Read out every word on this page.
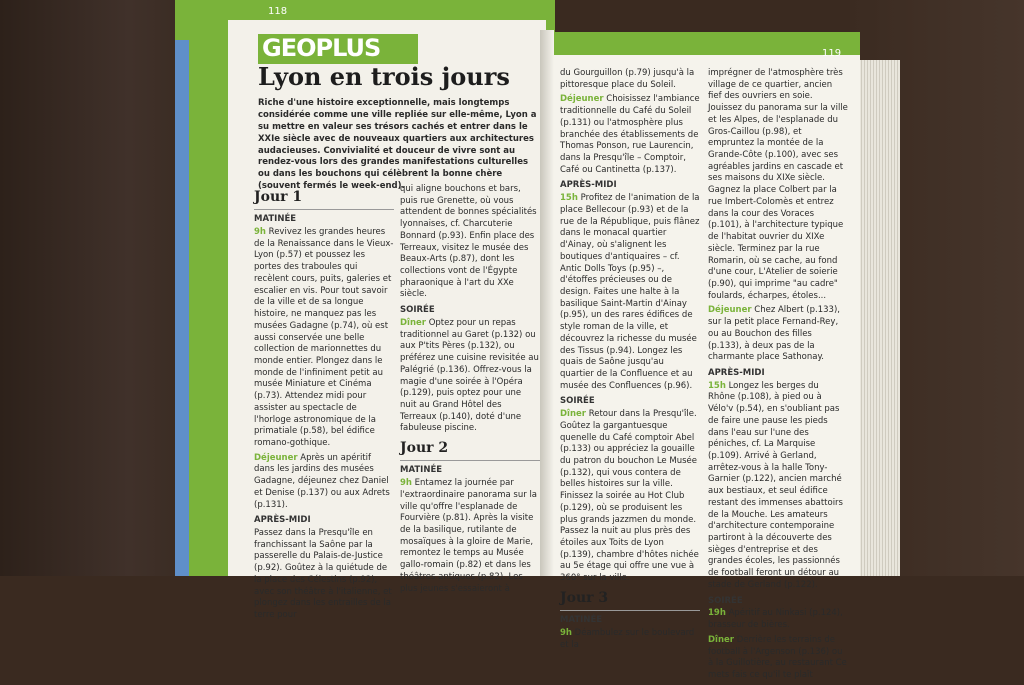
118
119
GEOPLUS
Lyon en trois jours

Riche d'une histoire exceptionnelle, mais longtemps considérée comme une ville repliée sur elle-même, Lyon a su mettre en valeur ses trésors cachés et entrer dans le XXIe siècle avec de nouveaux quartiers aux architectures audacieuses. Convivialité et douceur de vivre sont au rendez-vous lors des grandes manifestations culturelles ou dans les bouchons qui célèbrent la bonne chère (souvent fermés le week-end).

Jour 1
MATINÉE

9h Revivez les grandes heures de la Renaissance dans le Vieux-Lyon (p.57) et poussez les portes des traboules qui recèlent cours, puits, galeries et escalier en vis. Pour tout savoir de la ville et de sa longue histoire, ne manquez pas les musées Gadagne (p.74), où est aussi conservée une belle collection de marionnettes du monde entier. Plongez dans le monde de l'infiniment petit au musée Miniature et Cinéma (p.73). Attendez midi pour assister au spectacle de l'horloge astronomique de la primatiale (p.58), bel édifice romano-gothique.

Déjeuner Après un apéritif dans les jardins des musées Gadagne, déjeunez chez Daniel et Denise (p.137) ou aux Adrets (p.131).

APRÈS-MIDI

Passez dans la Presqu'île en franchissant la Saône par la passerelle du Palais-de-Justice (p.92). Goûtez à la quiétude de la place des Célestins (p.92), avec son théâtre à l'italienne, et plongez dans les entrailles de la terre pour

qui aligne bouchons et bars, puis rue Grenette, où vous attendent de bonnes spécialités lyonnaises, cf. Charcuterie Bonnard (p.93). Enfin place des Terreaux, visitez le musée des Beaux-Arts (p.87), dont les collections vont de l'Égypte pharaonique à l'art du XXe siècle.

SOIRÉE

Dîner Optez pour un repas traditionnel au Garet (p.132) ou aux P'tits Pères (p.132), ou préférez une cuisine revisitée au Palégrié (p.136). Offrez-vous la magie d'une soirée à l'Opéra (p.129), puis optez pour une nuit au Grand Hôtel des Terreaux (p.140), doté d'une fabuleuse piscine.

Jour 2
MATINÉE

9h Entamez la journée par l'extraordinaire panorama sur la ville qu'offre l'esplanade de Fourvière (p.81). Après la visite de la basilique, rutilante de mosaïques à la gloire de Marie, remontez le temps au Musée gallo-romain (p.82) et dans les théâtres antiques (p.82). Les plus jeunes s'essaieront à

du Gourguillon (p.79) jusqu'à la pittoresque place du Soleil.

Déjeuner Choisissez l'ambiance traditionnelle du Café du Soleil (p.131) ou l'atmosphère plus branchée des établissements de Thomas Ponson, rue Laurencin, dans la Presqu'île – Comptoir, Café ou Cantinetta (p.137).

APRÈS-MIDI

15h Profitez de l'animation de la place Bellecour (p.93) et de la rue de la République, puis flânez dans le monacal quartier d'Ainay, où s'alignent les boutiques d'antiquaires – cf. Antic Dolls Toys (p.95) –, d'étoffes précieuses ou de design. Faites une halte à la basilique Saint-Martin d'Ainay (p.95), un des rares édifices de style roman de la ville, et découvrez la richesse du musée des Tissus (p.94). Longez les quais de Saône jusqu'au quartier de la Confluence et au musée des Confluences (p.96).

SOIRÉE

Dîner Retour dans la Presqu'île. Goûtez la gargantuesque quenelle du Café comptoir Abel (p.133) ou appréciez la gouaille du patron du bouchon Le Musée (p.132), qui vous contera de belles histoires sur la ville. Finissez la soirée au Hot Club (p.129), où se produisent les plus grands jazzmen du monde. Passez la nuit au plus près des étoiles aux Toits de Lyon (p.139), chambre d'hôtes nichée au 5e étage qui offre une vue à 360° sur la ville.

Jour 3
MATINÉE

9h Déambulez sur le boulevard et la

imprégner de l'atmosphère très village de ce quartier, ancien fief des ouvriers en soie. Jouissez du panorama sur la ville et les Alpes, de l'esplanade du Gros-Caillou (p.98), et empruntez la montée de la Grande-Côte (p.100), avec ses agréables jardins en cascade et ses maisons du XIXe siècle. Gagnez la place Colbert par la rue Imbert-Colomès et entrez dans la cour des Voraces (p.101), à l'architecture typique de l'habitat ouvrier du XIXe siècle. Terminez par la rue Romarin, où se cache, au fond d'une cour, L'Atelier de soierie (p.90), qui imprime "au cadre" foulards, écharpes, étoles...

Déjeuner Chez Albert (p.133), sur la petit place Fernand-Rey, ou au Bouchon des filles (p.133), à deux pas de la charmante place Sathonay.

APRÈS-MIDI

15h Longez les berges du Rhône (p.108), à pied ou à Vélo'v (p.54), en s'oubliant pas de faire une pause les pieds dans l'eau sur l'une des péniches, cf. La Marquise (p.109). Arrivé à Gerland, arrêtez-vous à la halle Tony-Garnier (p.122), ancien marché aux bestiaux, et seul édifice restant des immenses abattoirs de la Mouche. Les amateurs d'architecture contemporaine partiront à la découverte des sièges d'entreprise et des grandes écoles, les passionnés de football feront un détour au stade de Gerland (p.122).

SOIRÉE

19h Apéritif au Ninkasi (p.124), brasseur de bières.

Dîner Derrière les terrains de football à l'Argenson (p.136) ou à la Guillotière, au restaurant Ce mets fais ce qu'il te plaît
